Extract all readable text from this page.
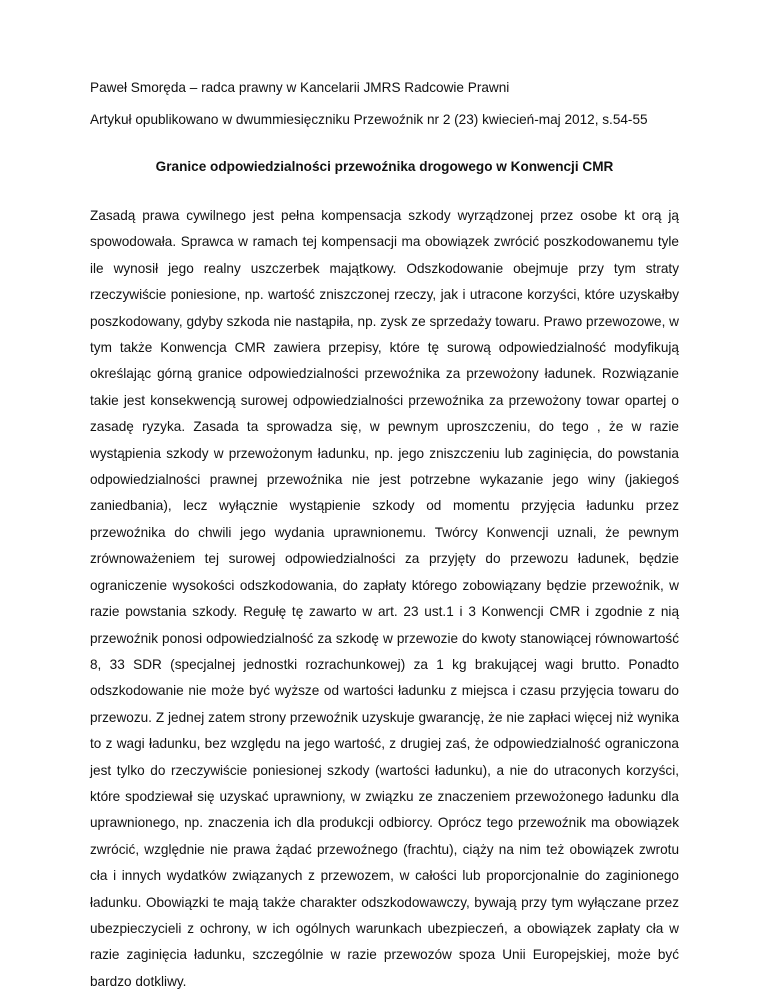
Paweł Smoręda – radca prawny w Kancelarii JMRS Radcowie Prawni

Artykuł opublikowano w dwummiesięczniku Przewoźnik nr 2 (23) kwiecień-maj 2012, s.54-55

Granice odpowiedzialności przewoźnika drogowego w Konwencji CMR

Zasadą prawa cywilnego jest pełna kompensacja szkody wyrządzonej przez osobe kt orą ją spowodowała. Sprawca w ramach tej kompensacji ma obowiązek zwrócić poszkodowanemu tyle ile wynosił jego realny uszczerbek majątkowy. Odszkodowanie obejmuje przy tym straty rzeczywiście poniesione, np. wartość zniszczonej rzeczy, jak i utracone korzyści, które uzyskałby poszkodowany, gdyby szkoda nie nastąpiła, np. zysk ze sprzedaży towaru. Prawo przewozowe, w tym także Konwencja CMR zawiera przepisy, które tę surową odpowiedzialność modyfikują określając górną granice odpowiedzialności przewoźnika za przewożony ładunek. Rozwiązanie takie jest konsekwencją surowej odpowiedzialności przewoźnika za przewożony towar opartej o zasadę ryzyka. Zasada ta sprowadza się, w pewnym uproszczeniu, do tego , że w razie wystąpienia szkody w przewożonym ładunku, np. jego zniszczeniu lub zaginięcia, do powstania odpowiedzialności prawnej przewoźnika nie jest potrzebne wykazanie jego winy (jakiegoś zaniedbania), lecz wyłącznie wystąpienie szkody od momentu przyjęcia ładunku przez przewoźnika do chwili jego wydania uprawnionemu. Twórcy Konwencji uznali, że pewnym zrównoważeniem tej surowej odpowiedzialności za przyjęty do przewozu ładunek, będzie ograniczenie wysokości odszkodowania, do zapłaty którego zobowiązany będzie przewoźnik, w razie powstania szkody. Regułę tę zawarto w art. 23 ust.1 i 3 Konwencji CMR i zgodnie z nią przewoźnik ponosi odpowiedzialność za szkodę w przewozie do kwoty stanowiącej równowartość 8, 33 SDR (specjalnej jednostki rozrachunkowej) za 1 kg brakującej wagi brutto. Ponadto odszkodowanie nie może być wyższe od wartości ładunku z miejsca i czasu przyjęcia towaru do przewozu. Z jednej zatem strony przewoźnik uzyskuje gwarancję, że nie zapłaci więcej niż wynika to z wagi ładunku, bez względu na jego wartość, z drugiej zaś, że odpowiedzialność ograniczona jest tylko do rzeczywiście poniesionej szkody (wartości ładunku), a nie do utraconych korzyści, które spodziewał się uzyskać uprawniony, w związku ze znaczeniem przewożonego ładunku dla uprawnionego, np. znaczenia ich dla produkcji odbiorcy. Oprócz tego przewoźnik ma obowiązek zwrócić, względnie nie prawa żądać przewoźnego (frachtu), ciąży na nim też obowiązek zwrotu cła i innych wydatków związanych z przewozem, w całości lub proporcjonalnie do zaginionego ładunku. Obowiązki te mają także charakter odszkodowawczy, bywają przy tym wyłączane przez ubezpieczycieli z ochrony, w ich ogólnych warunkach ubezpieczeń, a obowiązek zapłaty cła w razie zaginięcia ładunku, szczególnie w razie przewozów spoza Unii Europejskiej, może być bardzo dotkliwy.
